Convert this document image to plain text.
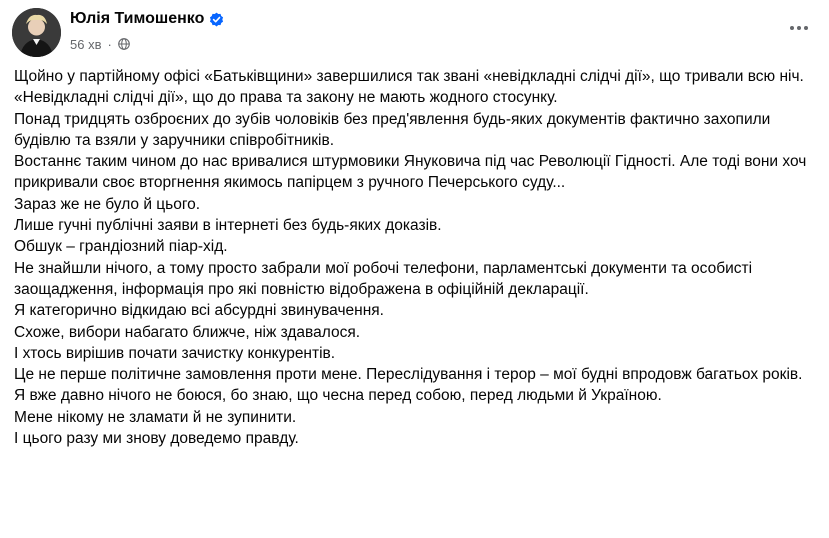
Юлія Тимошенко
56 хв ·

Щойно у партійному офісі «Батьківщини» завершилися так звані «невідкладні слідчі дії», що тривали всю ніч.

«Невідкладні слідчі дії», що до права та закону не мають жодного стосунку.

Понад тридцять озброєних до зубів чоловіків без пред'явлення будь-яких документів фактично захопили будівлю та взяли у заручники співробітників.

Востаннє таким чином до нас вривалися штурмовики Януковича під час Революції Гідності. Але тоді вони хоч прикривали своє вторгнення якимось папірцем з ручного Печерського суду...

Зараз же не було й цього.

Лише гучні публічні заяви в інтернеті без будь-яких доказів.

Обшук – грандіозний піар-хід.

Не знайшли нічого, а тому просто забрали мої робочі телефони, парламентські документи та особисті заощадження, інформація про які повністю відображена в офіційній декларації.

Я категорично відкидаю всі абсурдні звинувачення.

Схоже, вибори набагато ближче, ніж здавалося.

І хтось вирішив почати зачистку конкурентів.

Це не перше політичне замовлення проти мене. Переслідування і терор – мої будні впродовж багатьох років.

Я вже давно нічого не боюся, бо знаю, що чесна перед собою, перед людьми й Україною.

Мене нікому не зламати й не зупинити.

І цього разу ми знову доведемо правду.
